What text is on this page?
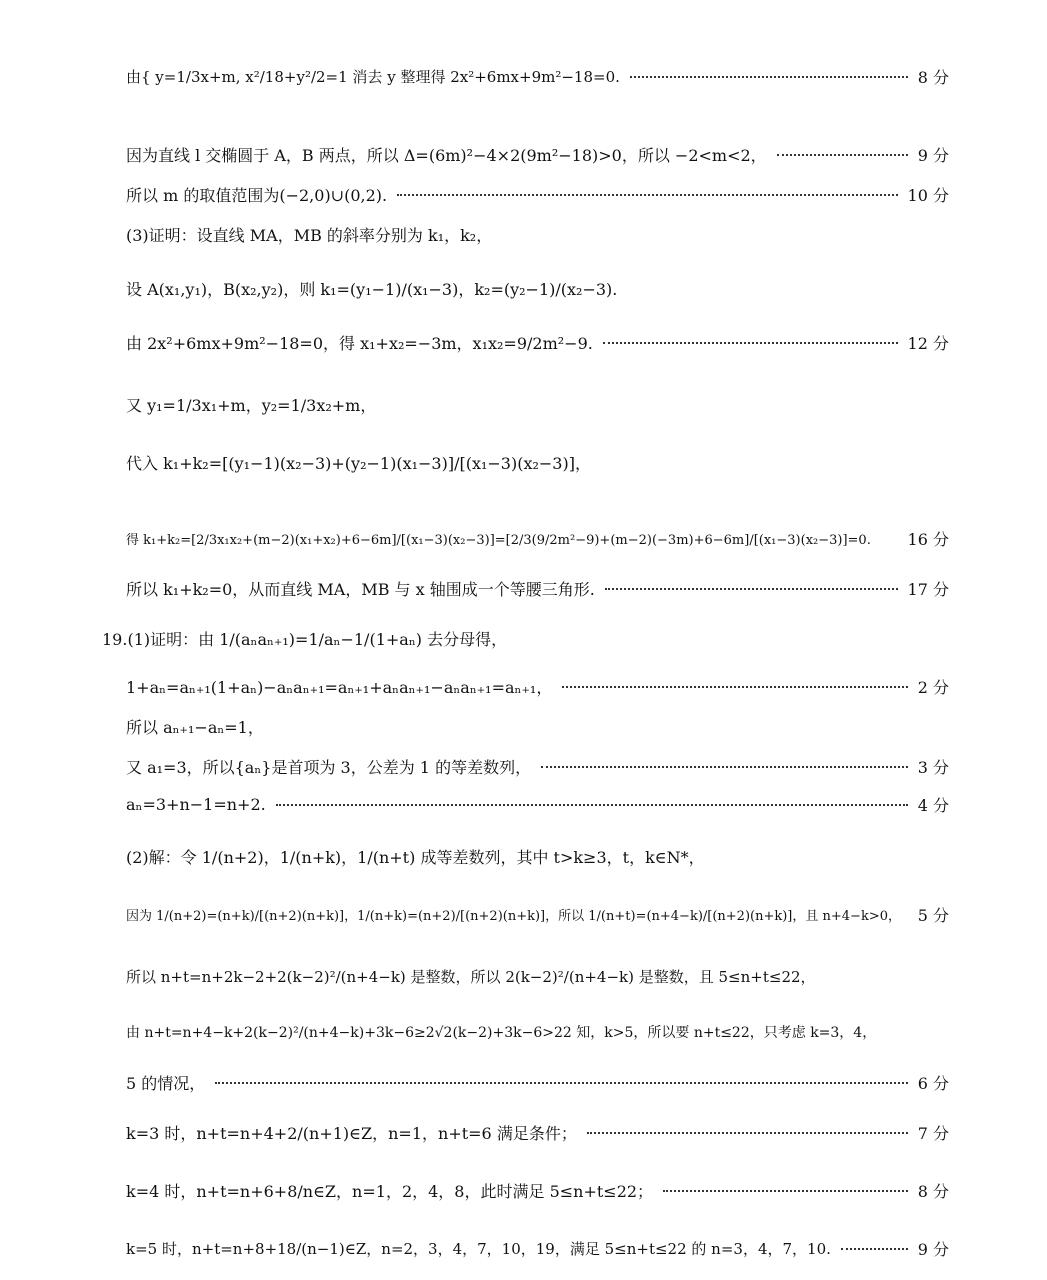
由{ y=1/3x+m, x²/18+y²/2=1 消去 y 整理得 2x²+6mx+9m²−18=0.	8 分
因为直线 l 交椭圆于 A，B 两点，所以 Δ=(6m)²−4×2(9m²−18)>0，所以 −2<m<2，	9 分
所以 m 的取值范围为(−2,0)∪(0,2).	10 分
(3)证明：设直线 MA，MB 的斜率分别为 k₁，k₂，
设 A(x₁,y₁)，B(x₂,y₂)，则 k₁=(y₁−1)/(x₁−3)，k₂=(y₂−1)/(x₂−3).
由 2x²+6mx+9m²−18=0，得 x₁+x₂=−3m，x₁x₂=9/2m²−9.	12 分
又 y₁=1/3x₁+m，y₂=1/3x₂+m，
代入 k₁+k₂=[(y₁−1)(x₂−3)+(y₂−1)(x₁−3)]/[(x₁−3)(x₂−3)]，
得 k₁+k₂=[2/3x₁x₂+(m−2)(x₁+x₂)+6−6m]/[(x₁−3)(x₂−3)]=[2/3(9/2m²−9)+(m−2)(−3m)+6−6m]/[(x₁−3)(x₂−3)]=0. 16 分
所以 k₁+k₂=0，从而直线 MA，MB 与 x 轴围成一个等腰三角形.	17 分
19.(1)证明：由 1/(aₙaₙ₊₁)=1/aₙ−1/(1+aₙ) 去分母得，
1+aₙ=aₙ₊₁(1+aₙ)−aₙaₙ₊₁=aₙ₊₁+aₙaₙ₊₁−aₙaₙ₊₁=aₙ₊₁，	2 分
所以 aₙ₊₁−aₙ=1，
又 a₁=3，所以{aₙ}是首项为 3，公差为 1 的等差数列，	3 分
aₙ=3+n−1=n+2.	4 分
(2)解：令 1/(n+2)，1/(n+k)，1/(n+t) 成等差数列，其中 t>k≥3，t，k∈N*，
因为 1/(n+2)=(n+k)/[(n+2)(n+k)]，1/(n+k)=(n+2)/[(n+2)(n+k)]，所以 1/(n+t)=(n+4−k)/[(n+2)(n+k)]，且 n+4−k>0， 5 分
所以 n+t=n+2k−2+2(k−2)²/(n+4−k) 是整数，所以 2(k−2)²/(n+4−k) 是整数，且 5≤n+t≤22，
由 n+t=n+4−k+2(k−2)²/(n+4−k)+3k−6≥2√2(k−2)+3k−6>22 知，k>5，所以要 n+t≤22，只考虑 k=3，4，
5 的情况，	6 分
k=3 时，n+t=n+4+2/(n+1)∈Z，n=1，n+t=6 满足条件；	7 分
k=4 时，n+t=n+6+8/n∈Z，n=1，2，4，8，此时满足 5≤n+t≤22；	8 分
k=5 时，n+t=n+8+18/(n−1)∈Z，n=2，3，4，7，10，19，满足 5≤n+t≤22 的 n=3，4，7，10.	9 分
